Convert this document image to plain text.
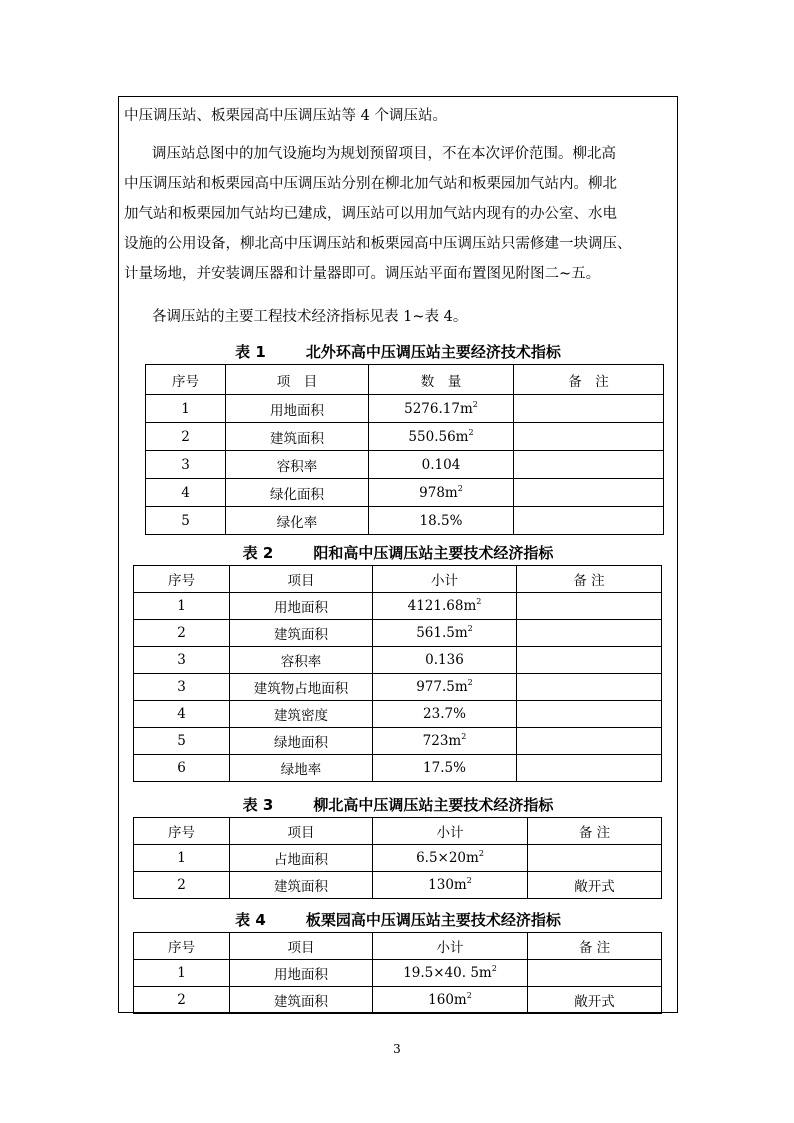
中压调压站、板栗园高中压调压站等 4 个调压站。

调压站总图中的加气设施均为规划预留项目，不在本次评价范围。柳北高

中压调压站和板栗园高中压调压站分别在柳北加气站和板栗园加气站内。柳北

加气站和板栗园加气站均已建成，调压站可以用加气站内现有的办公室、水电

设施的公用设备，柳北高中压调压站和板栗园高中压调压站只需修建一块调压、

计量场地，并安装调压器和计量器即可。调压站平面布置图见附图二~五。

各调压站的主要工程技术经济指标见表 1~表 4。

表 1	北外环高中压调压站主要经济技术指标
序号	项　目	数　量	备　注
1	用地面积	$5276.17m^2$	
2	建筑面积	$550.56m^2$	
3	容积率	0.104	
4	绿化面积	$978m^2$	
5	绿化率	18.5%	
表 2	阳和高中压调压站主要技术经济指标
序号	项目	小计	备 注
1	用地面积	$4121.68m^2$	
2	建筑面积	$561.5m^2$	
3	容积率	0.136	
3	建筑物占地面积	$977.5m^2$	
4	建筑密度	23.7%	
5	绿地面积	$723m^2$	
6	绿地率	17.5%	
表 3	柳北高中压调压站主要技术经济指标
序号	项目	小计	备 注
1	占地面积	$6.5\times 20m^2$	
2	建筑面积	$130m^2$	敞开式
表 4	板栗园高中压调压站主要技术经济指标
序号	项目	小计	备 注
1	用地面积	19.5×40. $5m^2$	
2	建筑面积	$160m^2$	敞开式
3
